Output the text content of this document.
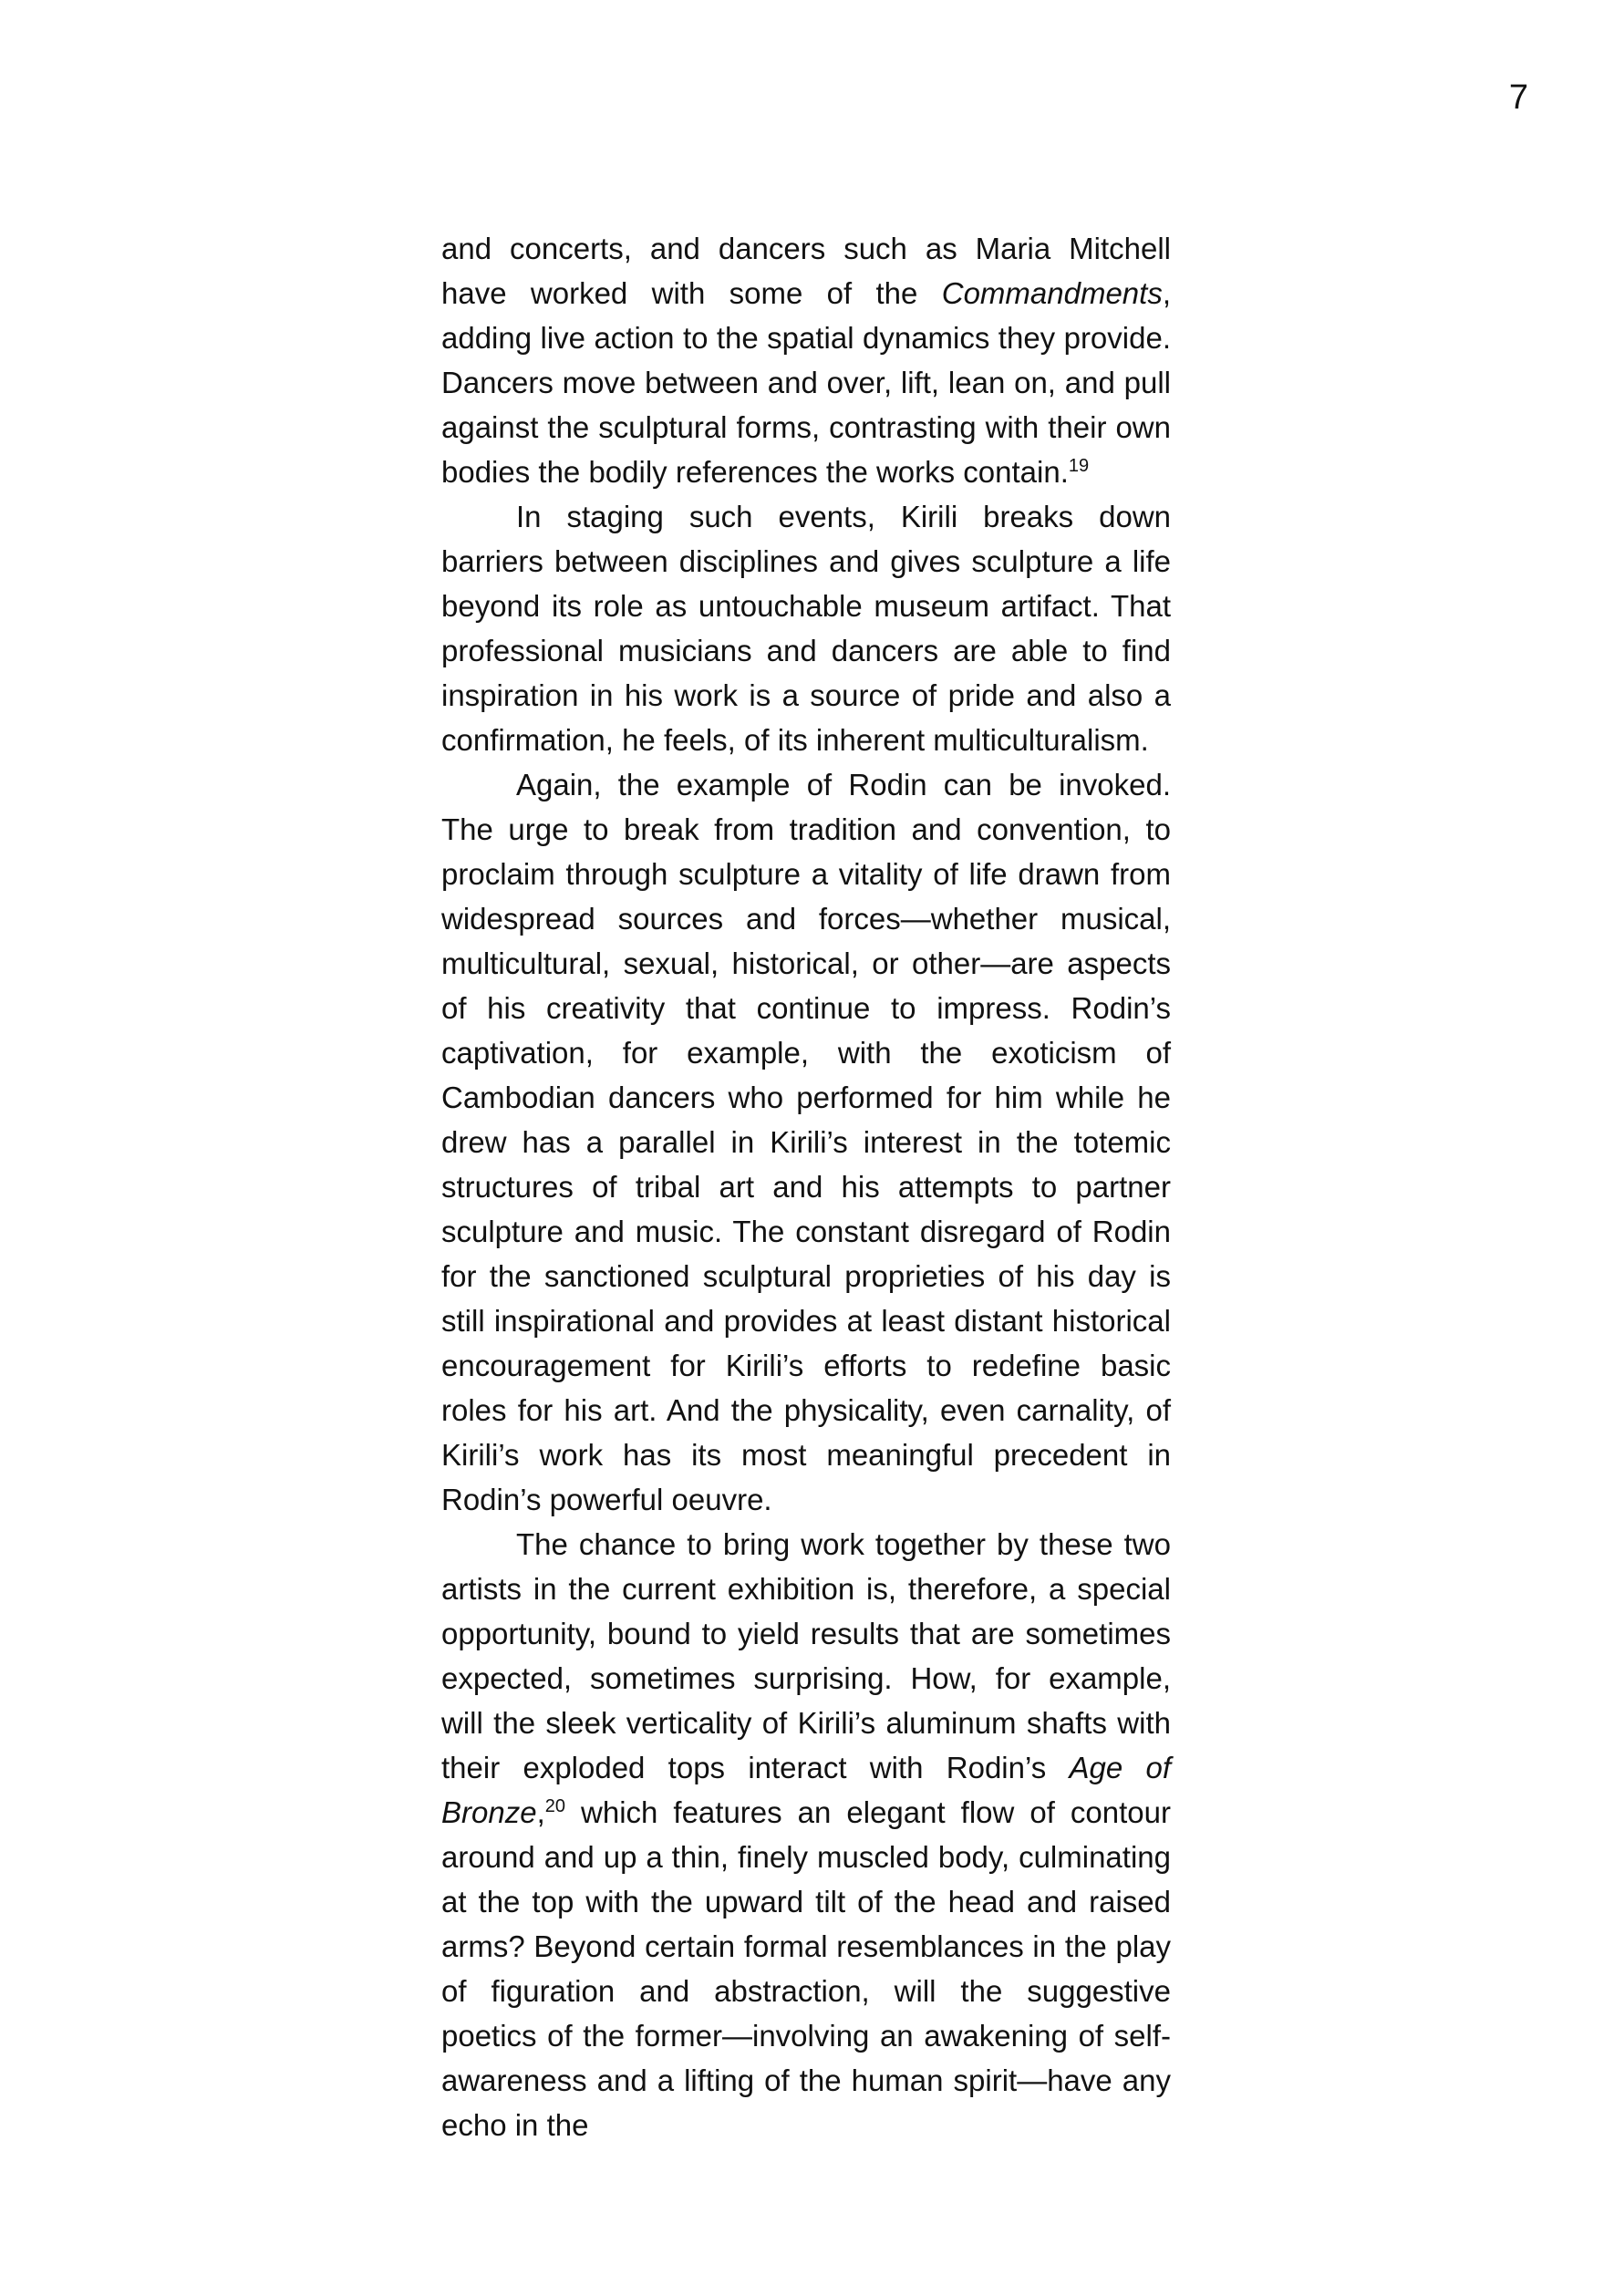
7

and concerts, and dancers such as Maria Mitchell have worked with some of the Commandments, adding live action to the spatial dynamics they provide. Dancers move between and over, lift, lean on, and pull against the sculptural forms, contrasting with their own bodies the bodily references the works contain.$^{19}$

In staging such events, Kirili breaks down barriers between disciplines and gives sculpture a life beyond its role as untouchable museum artifact. That professional musicians and dancers are able to find inspiration in his work is a source of pride and also a confirmation, he feels, of its inherent multiculturalism.

Again, the example of Rodin can be invoked. The urge to break from tradition and convention, to proclaim through sculpture a vitality of life drawn from widespread sources and forces—whether musical, multicultural, sexual, historical, or other—are aspects of his creativity that continue to impress. Rodin’s captivation, for example, with the exoticism of Cambodian dancers who performed for him while he drew has a parallel in Kirili’s interest in the totemic structures of tribal art and his attempts to partner sculpture and music. The constant disregard of Rodin for the sanctioned sculptural proprieties of his day is still inspirational and provides at least distant historical encouragement for Kirili’s efforts to redefine basic roles for his art. And the physicality, even carnality, of Kirili’s work has its most meaningful precedent in Rodin’s powerful oeuvre.

The chance to bring work together by these two artists in the current exhibition is, therefore, a special opportunity, bound to yield results that are sometimes expected, sometimes surprising. How, for example, will the sleek verticality of Kirili’s aluminum shafts with their exploded tops interact with Rodin’s Age of Bronze,$^{20}$ which features an elegant flow of contour around and up a thin, finely muscled body, culminating at the top with the upward tilt of the head and raised arms? Beyond certain formal resemblances in the play of figuration and abstraction, will the suggestive poetics of the former—involving an awakening of self-awareness and a lifting of the human spirit—have any echo in the
